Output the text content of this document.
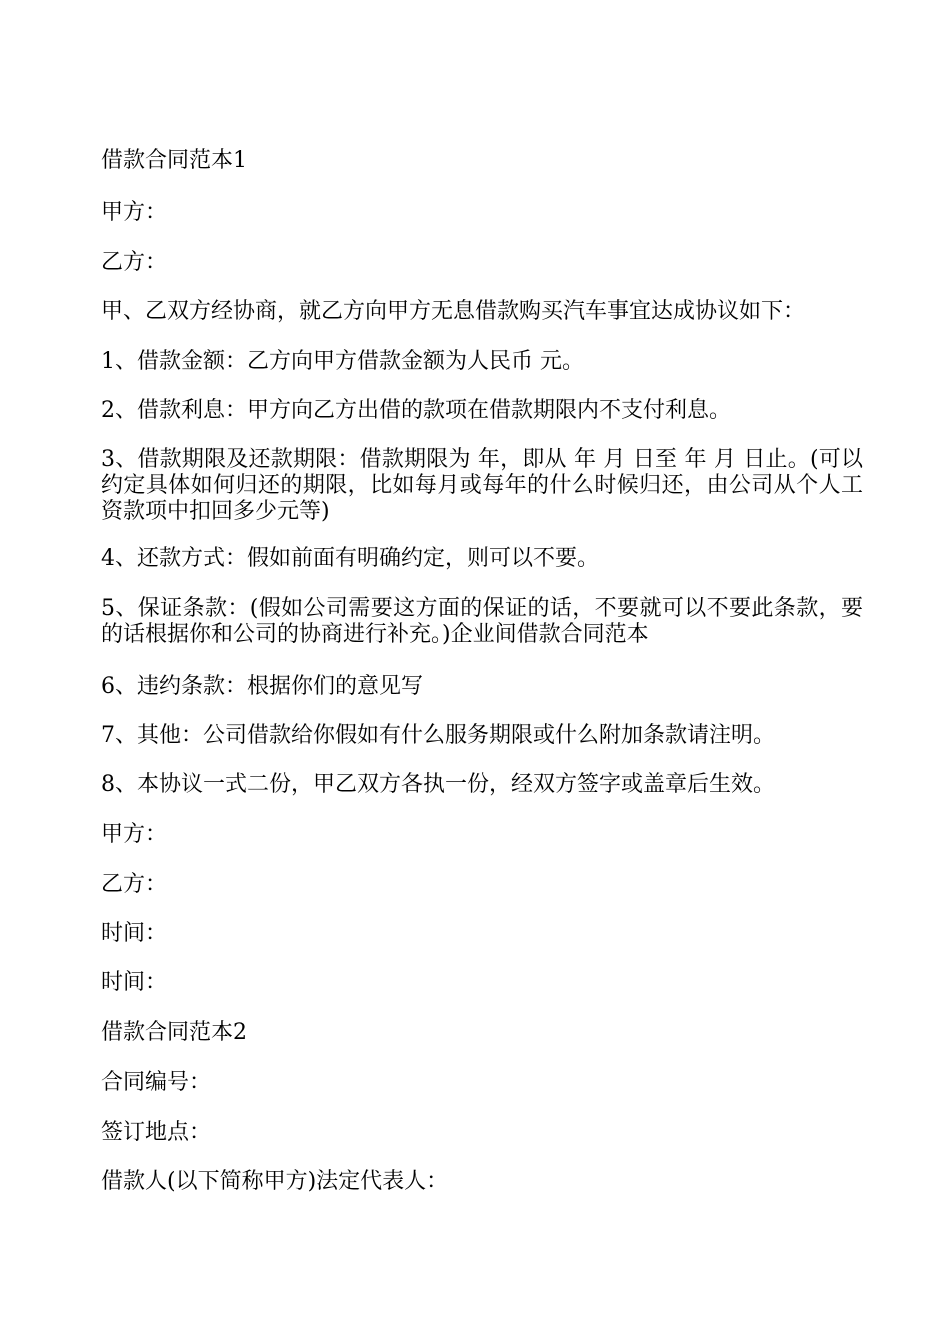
借款合同范本1

甲方：

乙方：

甲、乙双方经协商，就乙方向甲方无息借款购买汽车事宜达成协议如下：

1、借款金额：乙方向甲方借款金额为人民币 元。

2、借款利息：甲方向乙方出借的款项在借款期限内不支付利息。

3、借款期限及还款期限：借款期限为 年，即从 年 月 日至 年 月 日止。(可以约定具体如何归还的期限，比如每月或每年的什么时候归还，由公司从个人工资款项中扣回多少元等)

4、还款方式：假如前面有明确约定，则可以不要。

5、保证条款：(假如公司需要这方面的保证的话，不要就可以不要此条款，要的话根据你和公司的协商进行补充。)企业间借款合同范本

6、违约条款：根据你们的意见写

7、其他：公司借款给你假如有什么服务期限或什么附加条款请注明。

8、本协议一式二份，甲乙双方各执一份，经双方签字或盖章后生效。

甲方：

乙方：

时间：

时间：

借款合同范本2

合同编号：

签订地点：

借款人(以下简称甲方)法定代表人：
